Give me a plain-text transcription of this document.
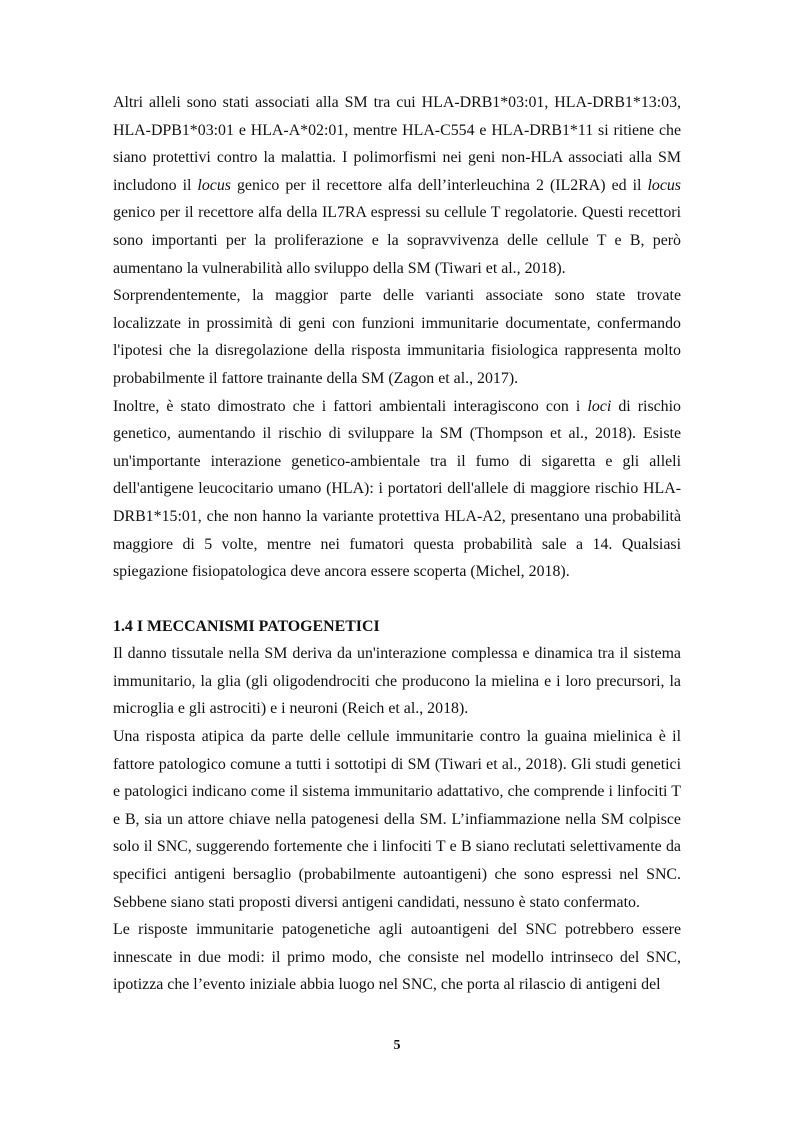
Altri alleli sono stati associati alla SM tra cui HLA-DRB1*03:01, HLA-DRB1*13:03, HLA-DPB1*03:01 e HLA-A*02:01, mentre HLA-C554 e HLA-DRB1*11 si ritiene che siano protettivi contro la malattia. I polimorfismi nei geni non-HLA associati alla SM includono il locus genico per il recettore alfa dell’interleuchina 2 (IL2RA) ed il locus genico per il recettore alfa della IL7RA espressi su cellule T regolatorie. Questi recettori sono importanti per la proliferazione e la sopravvivenza delle cellule T e B, però aumentano la vulnerabilità allo sviluppo della SM (Tiwari et al., 2018).

Sorprendentemente, la maggior parte delle varianti associate sono state trovate localizzate in prossimità di geni con funzioni immunitarie documentate, confermando l'ipotesi che la disregolazione della risposta immunitaria fisiologica rappresenta molto probabilmente il fattore trainante della SM (Zagon et al., 2017).

Inoltre, è stato dimostrato che i fattori ambientali interagiscono con i loci di rischio genetico, aumentando il rischio di sviluppare la SM (Thompson et al., 2018). Esiste un'importante interazione genetico-ambientale tra il fumo di sigaretta e gli alleli dell'antigene leucocitario umano (HLA): i portatori dell'allele di maggiore rischio HLA-DRB1*15:01, che non hanno la variante protettiva HLA-A2, presentano una probabilità maggiore di 5 volte, mentre nei fumatori questa probabilità sale a 14. Qualsiasi spiegazione fisiopatologica deve ancora essere scoperta (Michel, 2018).

1.4 I MECCANISMI PATOGENETICI

Il danno tissutale nella SM deriva da un'interazione complessa e dinamica tra il sistema immunitario, la glia (gli oligodendrociti che producono la mielina e i loro precursori, la microglia e gli astrociti) e i neuroni (Reich et al., 2018).

Una risposta atipica da parte delle cellule immunitarie contro la guaina mielinica è il fattore patologico comune a tutti i sottotipi di SM (Tiwari et al., 2018). Gli studi genetici e patologici indicano come il sistema immunitario adattativo, che comprende i linfociti T e B, sia un attore chiave nella patogenesi della SM. L’infiammazione nella SM colpisce solo il SNC, suggerendo fortemente che i linfociti T e B siano reclutati selettivamente da specifici antigeni bersaglio (probabilmente autoantigeni) che sono espressi nel SNC. Sebbene siano stati proposti diversi antigeni candidati, nessuno è stato confermato.

Le risposte immunitarie patogenetiche agli autoantigeni del SNC potrebbero essere innescate in due modi: il primo modo, che consiste nel modello intrinseco del SNC, ipotizza che l’evento iniziale abbia luogo nel SNC, che porta al rilascio di antigeni del

5
